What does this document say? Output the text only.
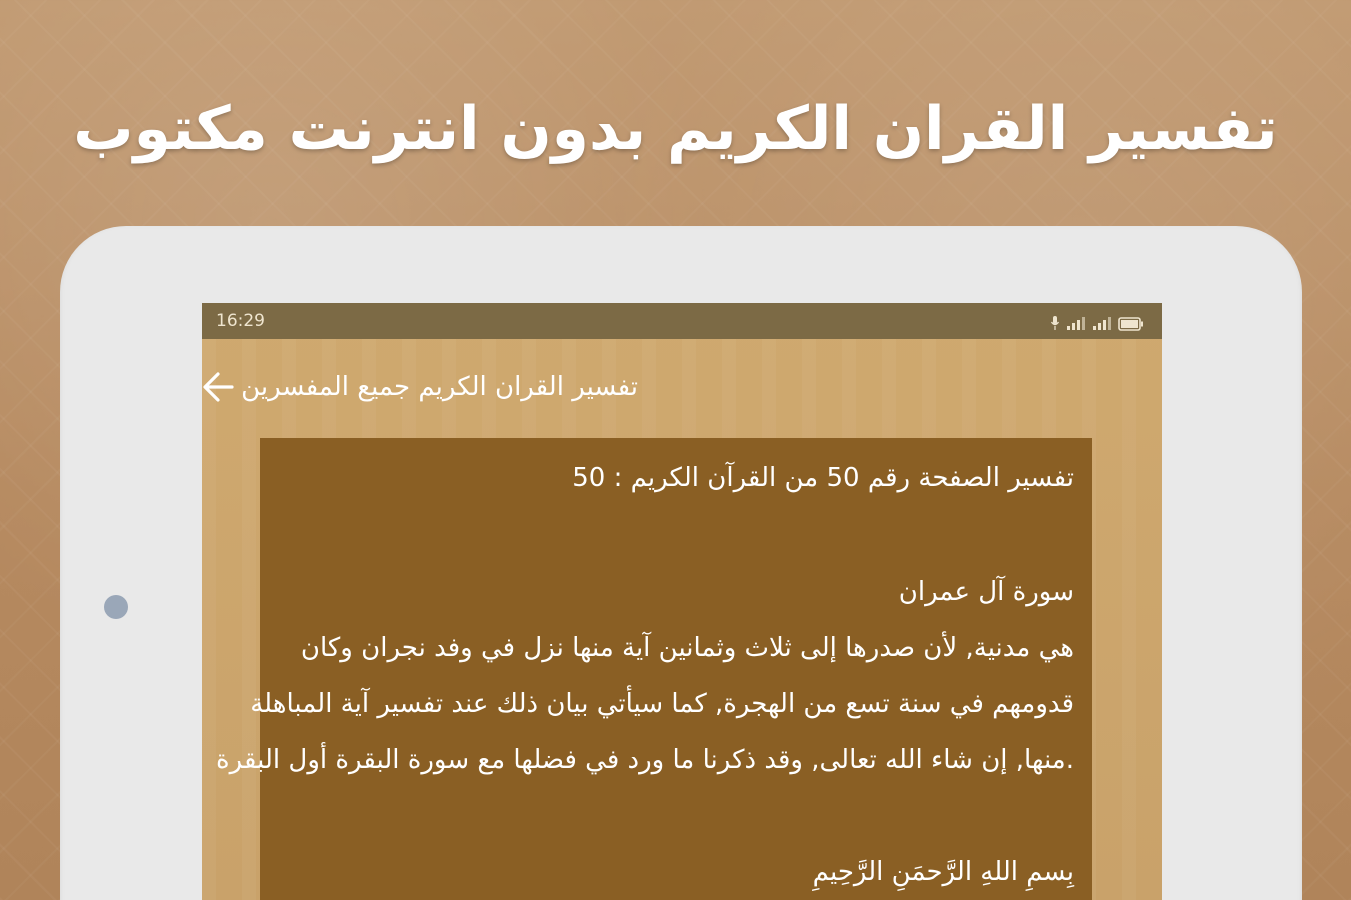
تفسير القران الكريم بدون انترنت مكتوب
16:29
تفسير القران الكريم جميع المفسرين

تفسير الصفحة رقم 50 من القرآن الكريم : 50

سورة آل عمران

هي مدنية, لأن صدرها إلى ثلاث وثمانين آية منها نزل في وفد نجران وكان

قدومهم في سنة تسع من الهجرة, كما سيأتي بيان ذلك عند تفسير آية المباهلة

.منها, إن شاء الله تعالى, وقد ذكرنا ما ورد في فضلها مع سورة البقرة أول البقرة

بِسمِ اللهِ الرَّحمَنِ الرَّحِيمِ
